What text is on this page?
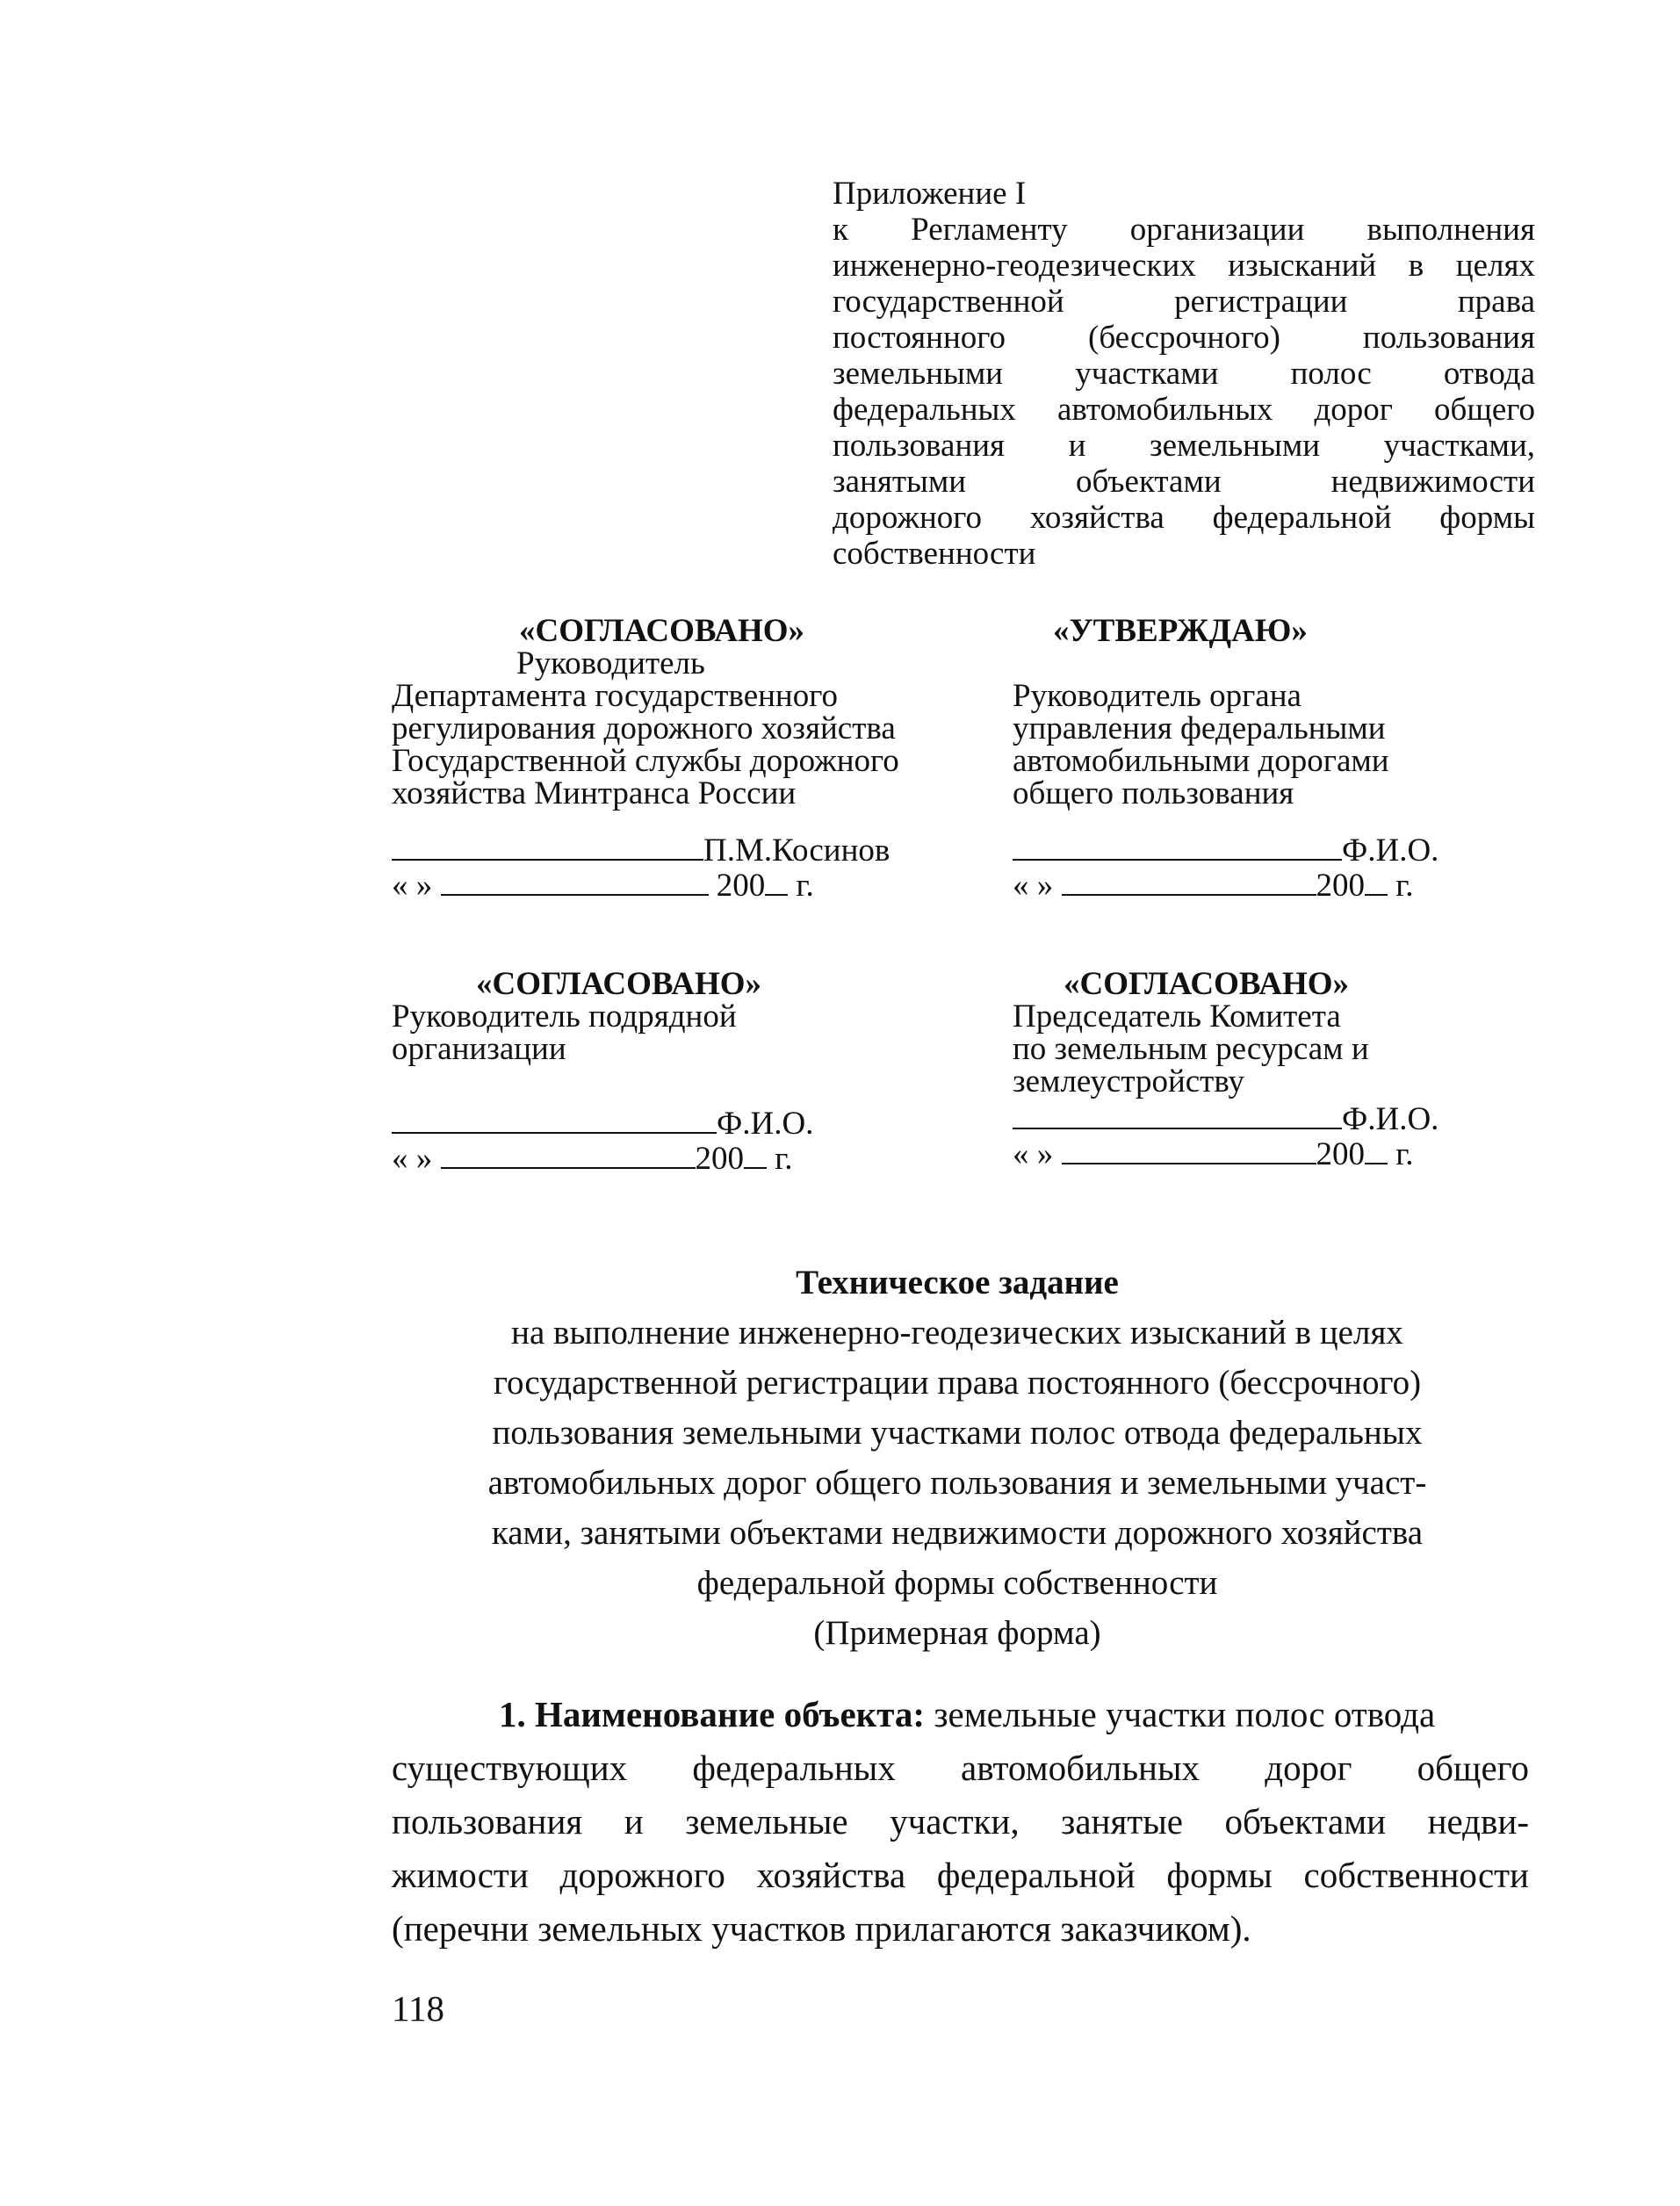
Приложение I
к Регламенту организации выполнения
инженерно-геодезических изысканий в целях
государственной регистрации права
постоянного (бессрочного) пользования
земельными участками полос отвода
федеральных автомобильных дорог общего
пользования и земельными участками,
занятыми объектами недвижимости
дорожного хозяйства федеральной формы
собственности
«СОГЛАСОВАНО»
Руководитель
Департамента государственного
регулирования дорожного хозяйства
Государственной службы дорожного
хозяйства Минтранса России
П.М.Косинов
« »	200 г.
«УТВЕРЖДАЮ»
Руководитель органа
управления федеральными
автомобильными дорогами
общего пользования
Ф.И.О.
« »	200 г.
«СОГЛАСОВАНО»
Руководитель подрядной
организации
Ф.И.О.
« »	200 г.
«СОГЛАСОВАНО»
Председатель Комитета
по земельным ресурсам и
землеустройству
Ф.И.О.
« »	200 г.
Техническое задание
на выполнение инженерно-геодезических изысканий в целях
государственной регистрации права постоянного (бессрочного)
пользования земельными участками полос отвода федеральных
автомобильных дорог общего пользования и земельными участ-
ками, занятыми объектами недвижимости дорожного хозяйства
федеральной формы собственности
(Примерная форма)
1. Наименование объекта: земельные участки полос отвода
существующих федеральных автомобильных дорог общего
пользования и земельные участки, занятые объектами недви-
жимости дорожного хозяйства федеральной формы собственности
(перечни земельных участков прилагаются заказчиком).
118
